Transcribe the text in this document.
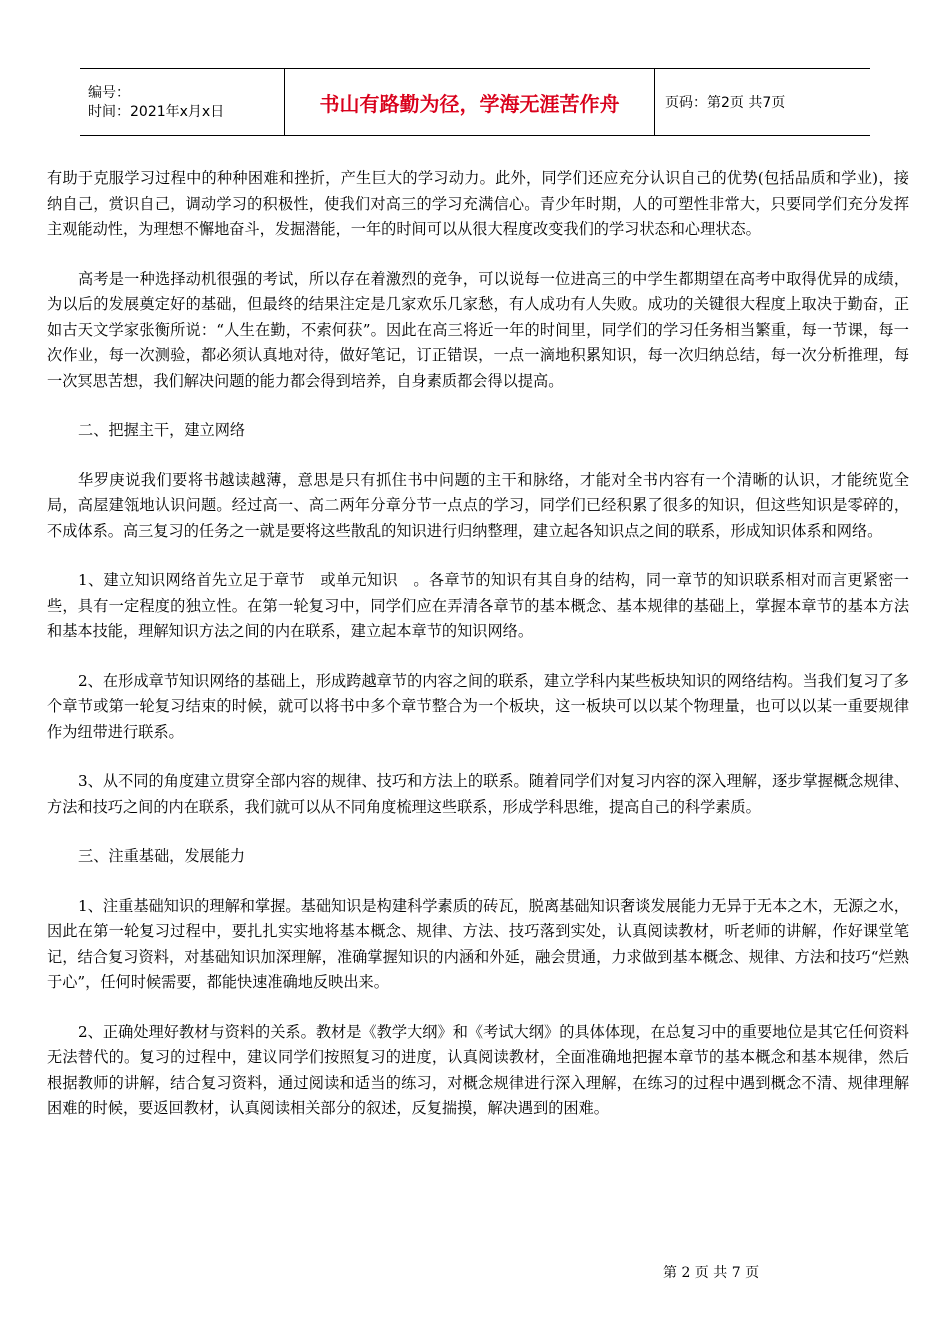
编号：
时间：2021年x月x日	书山有路勤为径，学海无涯苦作舟	页码：第2页 共7页

有助于克服学习过程中的种种困难和挫折，产生巨大的学习动力。此外，同学们还应充分认识自己的优势(包括品质和学业)，接纳自己，赏识自己，调动学习的积极性，使我们对高三的学习充满信心。青少年时期，人的可塑性非常大，只要同学们充分发挥主观能动性，为理想不懈地奋斗，发掘潜能，一年的时间可以从很大程度改变我们的学习状态和心理状态。

高考是一种选择动机很强的考试，所以存在着激烈的竞争，可以说每一位进高三的中学生都期望在高考中取得优异的成绩，为以后的发展奠定好的基础，但最终的结果注定是几家欢乐几家愁，有人成功有人失败。成功的关键很大程度上取决于勤奋，正如古天文学家张衡所说：“人生在勤，不索何获”。因此在高三将近一年的时间里，同学们的学习任务相当繁重，每一节课，每一次作业，每一次测验，都必须认真地对待，做好笔记，订正错误，一点一滴地积累知识，每一次归纳总结，每一次分析推理，每一次冥思苦想，我们解决问题的能力都会得到培养，自身素质都会得以提高。

二、把握主干，建立网络

华罗庚说我们要将书越读越薄，意思是只有抓住书中问题的主干和脉络，才能对全书内容有一个清晰的认识，才能统览全局，高屋建瓴地认识问题。经过高一、高二两年分章分节一点点的学习，同学们已经积累了很多的知识，但这些知识是零碎的，不成体系。高三复习的任务之一就是要将这些散乱的知识进行归纳整理，建立起各知识点之间的联系，形成知识体系和网络。

1、建立知识网络首先立足于章节　或单元知识　。各章节的知识有其自身的结构，同一章节的知识联系相对而言更紧密一些，具有一定程度的独立性。在第一轮复习中，同学们应在弄清各章节的基本概念、基本规律的基础上，掌握本章节的基本方法和基本技能，理解知识方法之间的内在联系，建立起本章节的知识网络。

2、在形成章节知识网络的基础上，形成跨越章节的内容之间的联系，建立学科内某些板块知识的网络结构。当我们复习了多个章节或第一轮复习结束的时候，就可以将书中多个章节整合为一个板块，这一板块可以以某个物理量，也可以以某一重要规律作为纽带进行联系。

3、从不同的角度建立贯穿全部内容的规律、技巧和方法上的联系。随着同学们对复习内容的深入理解，逐步掌握概念规律、方法和技巧之间的内在联系，我们就可以从不同角度梳理这些联系，形成学科思维，提高自己的科学素质。

三、注重基础，发展能力

1、注重基础知识的理解和掌握。基础知识是构建科学素质的砖瓦，脱离基础知识奢谈发展能力无异于无本之木，无源之水，因此在第一轮复习过程中，要扎扎实实地将基本概念、规律、方法、技巧落到实处，认真阅读教材，听老师的讲解，作好课堂笔记，结合复习资料，对基础知识加深理解，准确掌握知识的内涵和外延，融会贯通，力求做到基本概念、规律、方法和技巧“烂熟于心”，任何时候需要，都能快速准确地反映出来。

2、正确处理好教材与资料的关系。教材是《教学大纲》和《考试大纲》的具体体现，在总复习中的重要地位是其它任何资料无法替代的。复习的过程中，建议同学们按照复习的进度，认真阅读教材，全面准确地把握本章节的基本概念和基本规律，然后根据教师的讲解，结合复习资料，通过阅读和适当的练习，对概念规律进行深入理解，在练习的过程中遇到概念不清、规律理解困难的时候，要返回教材，认真阅读相关部分的叙述，反复揣摸，解决遇到的困难。

第 2 页 共 7 页
